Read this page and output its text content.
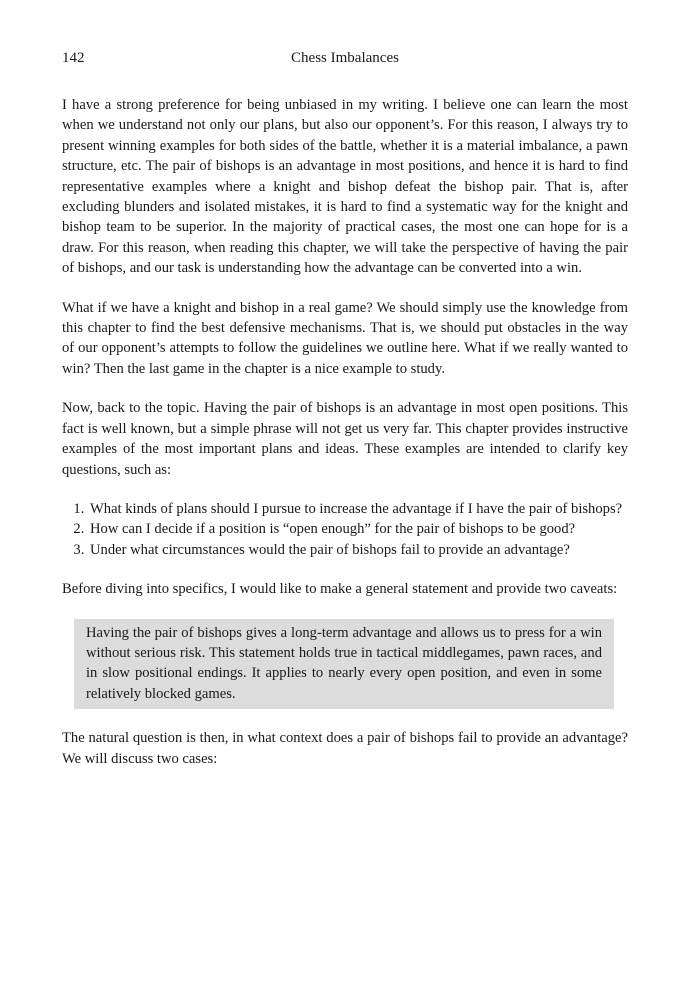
142	Chess Imbalances

I have a strong preference for being unbiased in my writing. I believe one can learn the most when we understand not only our plans, but also our opponent’s. For this reason, I always try to present winning examples for both sides of the battle, whether it is a material imbalance, a pawn structure, etc. The pair of bishops is an advantage in most positions, and hence it is hard to find representative examples where a knight and bishop defeat the bishop pair. That is, after excluding blunders and isolated mistakes, it is hard to find a systematic way for the knight and bishop team to be superior. In the majority of practical cases, the most one can hope for is a draw. For this reason, when reading this chapter, we will take the perspective of having the pair of bishops, and our task is understanding how the advantage can be converted into a win.

What if we have a knight and bishop in a real game? We should simply use the knowledge from this chapter to find the best defensive mechanisms. That is, we should put obstacles in the way of our opponent’s attempts to follow the guidelines we outline here. What if we really wanted to win? Then the last game in the chapter is a nice example to study.

Now, back to the topic. Having the pair of bishops is an advantage in most open positions. This fact is well known, but a simple phrase will not get us very far. This chapter provides instructive examples of the most important plans and ideas. These examples are intended to clarify key questions, such as:

1. What kinds of plans should I pursue to increase the advantage if I have the pair of bishops?
2. How can I decide if a position is “open enough” for the pair of bishops to be good?
3. Under what circumstances would the pair of bishops fail to provide an advantage?

Before diving into specifics, I would like to make a general statement and provide two caveats:

Having the pair of bishops gives a long-term advantage and allows us to press for a win without serious risk. This statement holds true in tactical middlegames, pawn races, and in slow positional endings. It applies to nearly every open position, and even in some relatively blocked games.

The natural question is then, in what context does a pair of bishops fail to provide an advantage? We will discuss two cases:
